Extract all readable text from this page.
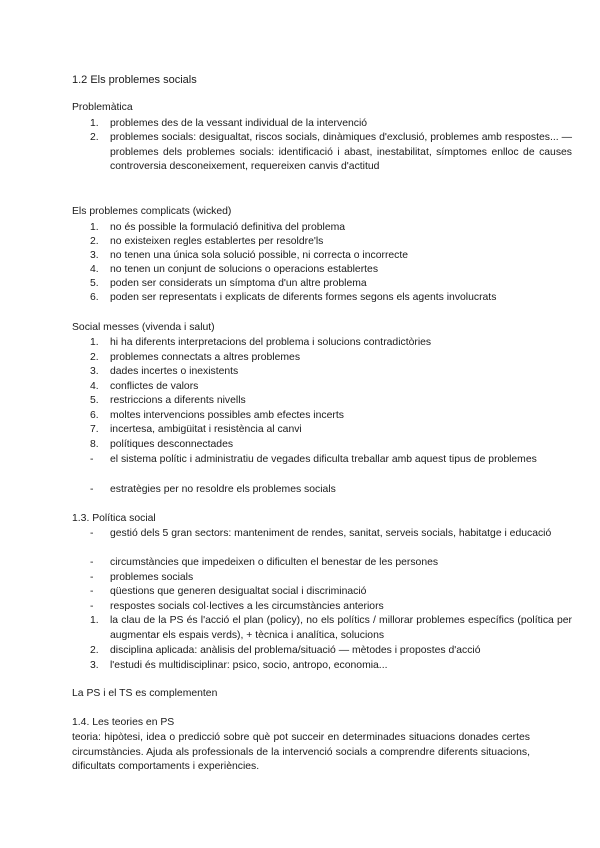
1.2 Els problemes socials
Problemàtica
1.	problemes des de la vessant individual de la intervenció
2.	problemes socials: desigualtat, riscos socials, dinàmiques d'exclusió, problemes amb respostes... — problemes dels problemes socials: identificació i abast, inestabilitat, símptomes enlloc de causes controversia desconeixement, requereixen canvis d'actitud
Els problemes complicats (wicked)
1.	no és possible la formulació definitiva del problema
2.	no existeixen regles establertes per resoldre'ls
3.	no tenen una única sola solució possible, ni correcta o incorrecte
4.	no tenen un conjunt de solucions o operacions establertes
5.	poden ser considerats un símptoma d'un altre problema
6.	poden ser representats i explicats de diferents formes segons els agents involucrats
Social messes (vivenda i salut)
1.	hi ha diferents interpretacions del problema i solucions contradictòries
2.	problemes connectats a altres problemes
3.	dades incertes o inexistents
4.	conflictes de valors
5.	restriccions a diferents nivells
6.	moltes intervencions possibles amb efectes incerts
7.	incertesa, ambigüitat i resistència al canvi
8.	polítiques desconnectades
-	el sistema polític i administratiu de vegades dificulta treballar amb aquest tipus de problemes
-	estratègies per no resoldre els problemes socials
1.3. Política social
-	gestió dels 5 gran sectors: manteniment de rendes, sanitat, serveis socials, habitatge i educació
-	circumstàncies que impedeixen o dificulten el benestar de les persones
-	problemes socials
-	qüestions que generen desigualtat social i discriminació
-	respostes socials col·lectives a les circumstàncies anteriors
1.	la clau de la PS és l'acció el plan (policy), no els polítics / millorar problemes específics (política per augmentar els espais verds), + tècnica i analítica, solucions
2.	disciplina aplicada: anàlisis del problema/situació — mètodes i propostes d'acció
3.	l'estudi és multidisciplinar: psico, socio, antropo, economia...
La PS i el TS es complementen
1.4. Les teories en PS
teoria: hipòtesi, idea o predicció sobre què pot succeir en determinades situacions donades certes circumstàncies. Ajuda als professionals de la intervenció socials a comprendre diferents situacions, dificultats comportaments i experiències.
